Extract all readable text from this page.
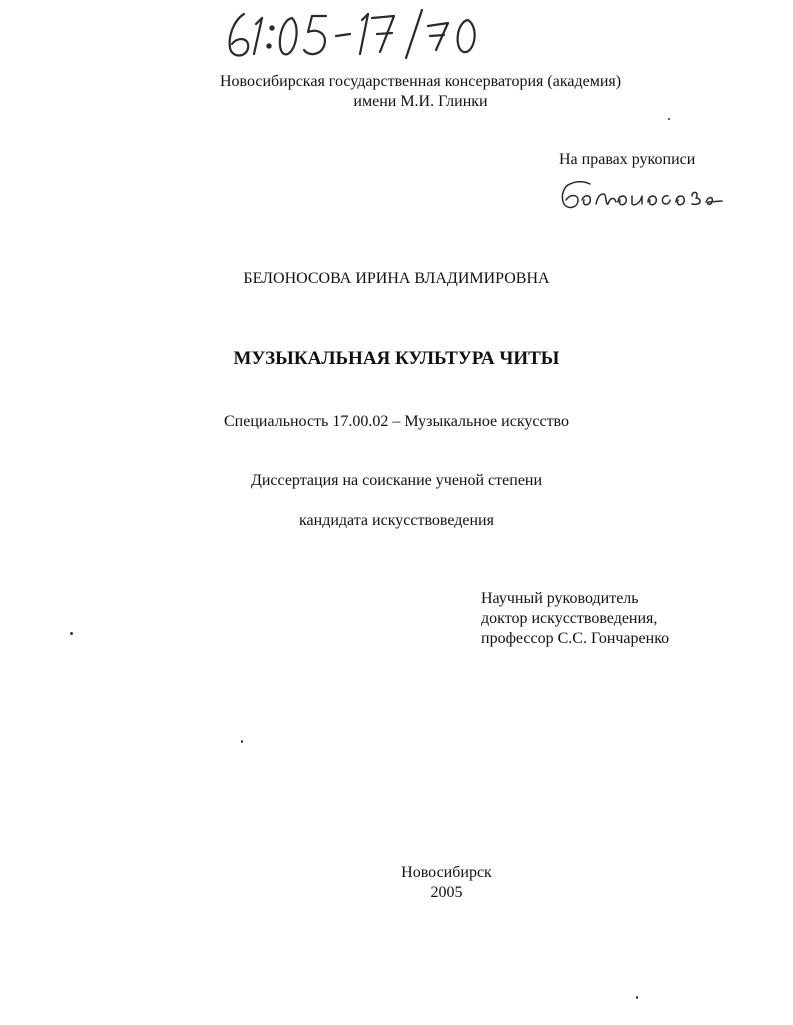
Новосибирская государственная консерватория (академия)
имени М.И. Глинки
На правах рукописи
БЕЛОНОСОВА ИРИНА ВЛАДИМИРОВНА
МУЗЫКАЛЬНАЯ КУЛЬТУРА ЧИТЫ
Специальность 17.00.02 – Музыкальное искусство
Диссертация на соискание ученой степени
кандидата искусствоведения
Научный руководитель
доктор искусствоведения,
профессор С.С. Гончаренко
Новосибирск
2005
